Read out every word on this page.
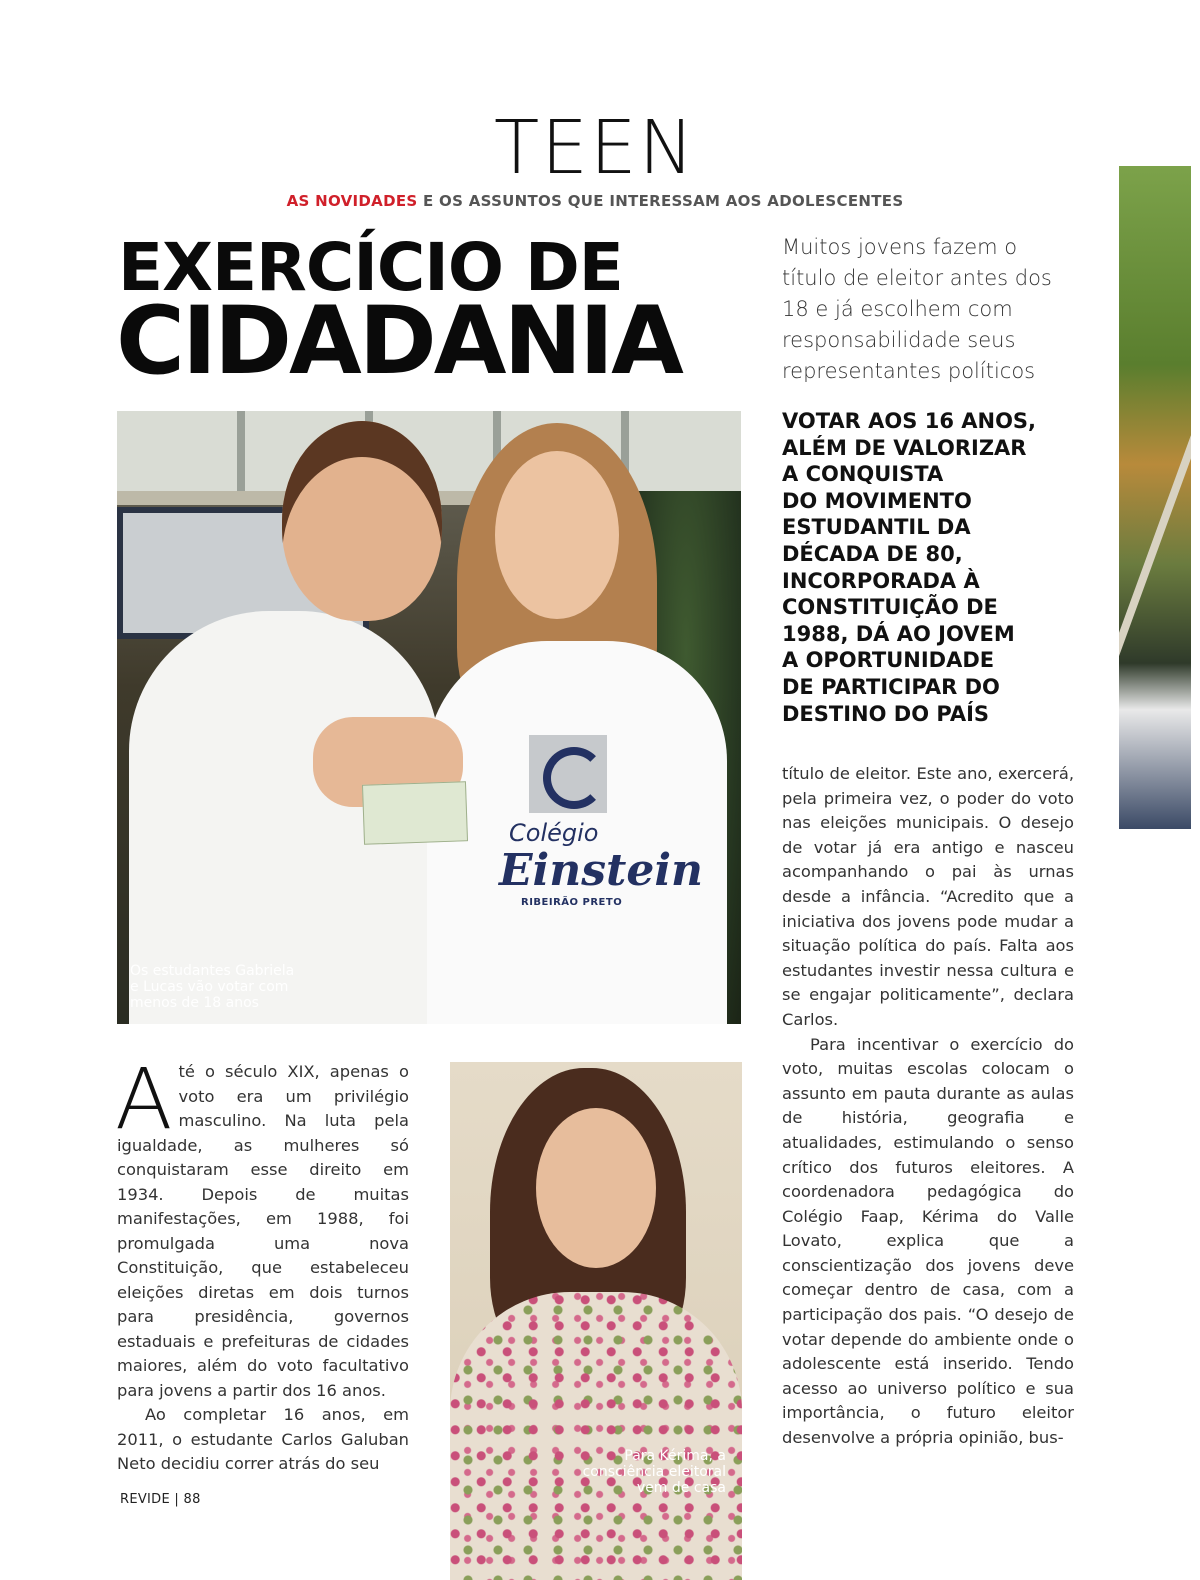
TEEN
AS NOVIDADES E OS ASSUNTOS QUE INTERESSAM AOS ADOLESCENTES
EXERCÍCIO DE
CIDADANIA
Muitos jovens fazem o
título de eleitor antes dos
18 e já escolhem com
responsabilidade seus
representantes políticos
VOTAR AOS 16 ANOS,
ALÉM DE VALORIZAR
A CONQUISTA
DO MOVIMENTO
ESTUDANTIL DA
DÉCADA DE 80,
INCORPORADA À
CONSTITUIÇÃO DE
1988, DÁ AO JOVEM
A OPORTUNIDADE
DE PARTICIPAR DO
DESTINO DO PAÍS
Colégio
Einstein
RIBEIRÃO PRETO
Os estudantes Gabriela
e Lucas vão votar com
menos de 18 anos
Para Kérima, a
consciência eleitoral
vem de casa

Até o século XIX, apenas o voto era um privilégio masculino. Na luta pela igualdade, as mulheres só conquistaram esse direito em 1934. Depois de muitas manifestações, em 1988, foi promulgada uma nova Constituição, que estabeleceu eleições diretas em dois turnos para presidência, governos estaduais e prefeituras de cidades maiores, além do voto facultativo para jovens a partir dos 16 anos.

Ao completar 16 anos, em 2011, o estudante Carlos Galuban Neto decidiu correr atrás do seu

título de eleitor. Este ano, exercerá, pela primeira vez, o poder do voto nas eleições municipais. O desejo de votar já era antigo e nasceu acompanhando o pai às urnas desde a infância. “Acredito que a iniciativa dos jovens pode mudar a situação política do país. Falta aos estudantes investir nessa cultura e se engajar politicamente”, declara Carlos.

Para incentivar o exercício do voto, muitas escolas colocam o assunto em pauta durante as aulas de história, geografia e atualidades, estimulando o senso crítico dos futuros eleitores. A coordenadora pedagógica do Colégio Faap, Kérima do Valle Lovato, explica que a conscientização dos jovens deve começar dentro de casa, com a participação dos pais. “O desejo de votar depende do ambiente onde o adolescente está inserido. Tendo acesso ao universo político e sua importância, o futuro eleitor desenvolve a própria opinião, bus-

REVIDE | 88
